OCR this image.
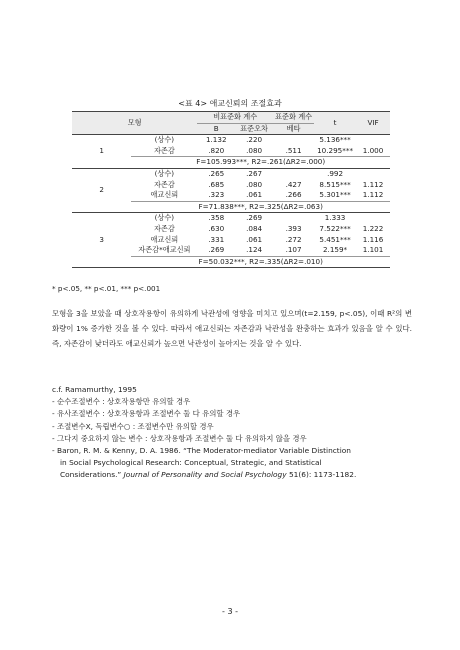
<표 4> 애교신뢰의 조절효과
모형		비표준화 계수		표준화 계수	t	VIF
		B	표준오차	베타		
1	(상수)	1.132	.220		5.136***	
	자존감	.820	.080	.511	10.295***	1.000
	F=105.993***, R2=.261(ΔR2=.000)					
2	(상수)	.265	.267		.992	
	자존감	.685	.080	.427	8.515***	1.112
	애교신뢰	.323	.061	.266	5.301***	1.112
	F=71.838***, R2=.325(ΔR2=.063)					
3	(상수)	.358	.269		1.333	
	자존감	.630	.084	.393	7.522***	1.222
	애교신뢰	.331	.061	.272	5.451***	1.116
	자존감*애교신뢰	.269	.124	.107	2.159*	1.101
	F=50.032***, R2=.335(ΔR2=.010)					
* p<.05, ** p<.01, *** p<.001
모형을 3을 보았을 때 상호작용항이 유의하게 낙관성에 영향을 미치고 있으며(t=2.159, p<.05), 이때 R²의 변화량이 1% 증가한 것을 볼 수 있다. 따라서 애교신뢰는 자존감과 낙관성을 완충하는 효과가 있음을 알 수 있다. 즉, 자존감이 낮더라도 애교신뢰가 높으면 낙관성이 높아지는 것을 알 수 있다.
c.f. Ramamurthy, 1995
- 순수조절변수 : 상호작용항만 유의할 경우
- 유사조절변수 : 상호작용항과 조절변수 둘 다 유의할 경우
- 조절변수X, 독립변수○ : 조절변수만 유의할 경우
- 그다지 중요하지 않는 변수 : 상호작용항과 조절변수 둘 다 유의하지 않을 경우
- Baron, R. M. & Kenny, D. A. 1986. “The Moderator-mediator Variable Distinction
in Social Psychological Research: Conceptual, Strategic, and Statistical
Considerations.” Journal of Personality and Social Psychology 51(6): 1173-1182.
- 3 -
